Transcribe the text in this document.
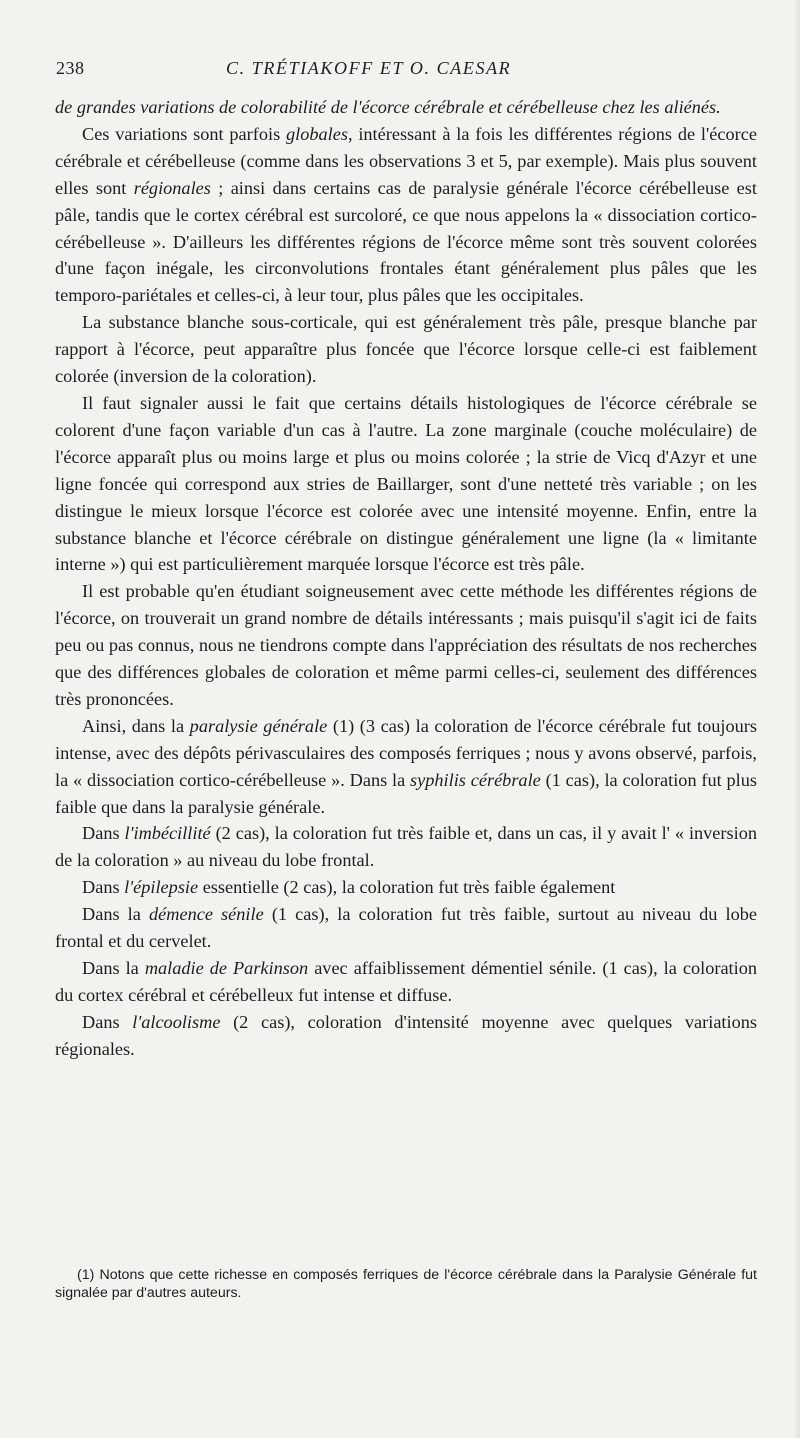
238	C. TRÉTIAKOFF ET O. CAESAR

de grandes variations de colorabilité de l'écorce cérébrale et cérébelleuse chez les aliénés.

Ces variations sont parfois globales, intéressant à la fois les différentes régions de l'écorce cérébrale et cérébelleuse (comme dans les observations 3 et 5, par exemple). Mais plus souvent elles sont régionales ; ainsi dans certains cas de paralysie générale l'écorce cérébelleuse est pâle, tandis que le cortex cérébral est surcoloré, ce que nous appelons la « dissociation cortico-cérébelleuse ». D'ailleurs les différentes régions de l'écorce même sont très souvent colorées d'une façon inégale, les circonvolutions frontales étant généralement plus pâles que les temporo-pariétales et celles-ci, à leur tour, plus pâles que les occipitales.

La substance blanche sous-corticale, qui est généralement très pâle, presque blanche par rapport à l'écorce, peut apparaître plus foncée que l'écorce lorsque celle-ci est faiblement colorée (inversion de la coloration).

Il faut signaler aussi le fait que certains détails histologiques de l'écorce cérébrale se colorent d'une façon variable d'un cas à l'autre. La zone marginale (couche moléculaire) de l'écorce apparaît plus ou moins large et plus ou moins colorée ; la strie de Vicq d'Azyr et une ligne foncée qui correspond aux stries de Baillarger, sont d'une netteté très variable ; on les distingue le mieux lorsque l'écorce est colorée avec une intensité moyenne. Enfin, entre la substance blanche et l'écorce cérébrale on distingue généralement une ligne (la « limitante interne ») qui est particulièrement marquée lorsque l'écorce est très pâle.

Il est probable qu'en étudiant soigneusement avec cette méthode les différentes régions de l'écorce, on trouverait un grand nombre de détails intéressants ; mais puisqu'il s'agit ici de faits peu ou pas connus, nous ne tiendrons compte dans l'appréciation des résultats de nos recherches que des différences globales de coloration et même parmi celles-ci, seulement des différences très prononcées.

Ainsi, dans la paralysie générale (1) (3 cas) la coloration de l'écorce cérébrale fut toujours intense, avec des dépôts périvasculaires des composés ferriques ; nous y avons observé, parfois, la « dissociation cortico-cérébelleuse ». Dans la syphilis cérébrale (1 cas), la coloration fut plus faible que dans la paralysie générale.

Dans l'imbécillité (2 cas), la coloration fut très faible et, dans un cas, il y avait l' « inversion de la coloration » au niveau du lobe frontal.

Dans l'épilepsie essentielle (2 cas), la coloration fut très faible également

Dans la démence sénile (1 cas), la coloration fut très faible, surtout au niveau du lobe frontal et du cervelet.

Dans la maladie de Parkinson avec affaiblissement démentiel sénile. (1 cas), la coloration du cortex cérébral et cérébelleux fut intense et diffuse.

Dans l'alcoolisme (2 cas), coloration d'intensité moyenne avec quelques variations régionales.

(1) Notons que cette richesse en composés ferriques de l'écorce cérébrale dans la Paralysie Générale fut signalée par d'autres auteurs.
